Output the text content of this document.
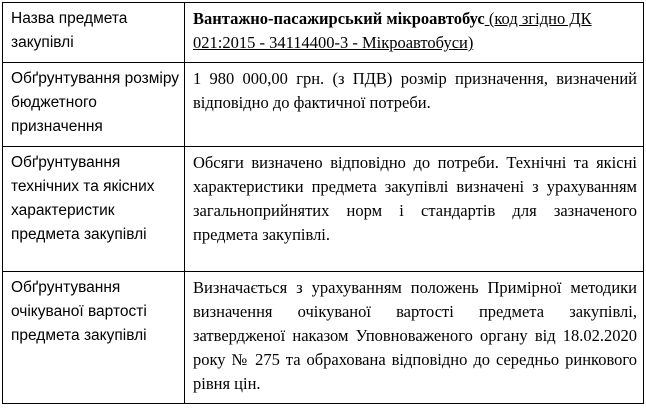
Назва предмета закупівлі	Вантажно-пасажирський мікроавтобус (код згідно ДК 021:2015 - 34114400-3 - Мікроавтобуси)

Обґрунтування розміру бюджетного призначення	1 980 000,00 грн. (з ПДВ) розмір призначення, визначений відповідно до фактичної потреби.

Обґрунтування технічних та якісних характеристик предмета закупівлі	Обсяги визначено відповідно до потреби. Технічні та якісні характеристики предмета закупівлі визначені з урахуванням загальноприйнятих норм і стандартів для зазначеного предмета закупівлі.

Обґрунтування очікуваної вартості предмета закупівлі	Визначається з урахуванням положень Примірної методики визначення очікуваної вартості предмета закупівлі, затвердженої наказом Уповноваженого органу від 18.02.2020 року № 275 та обрахована відповідно до середньо ринкового рівня цін.
